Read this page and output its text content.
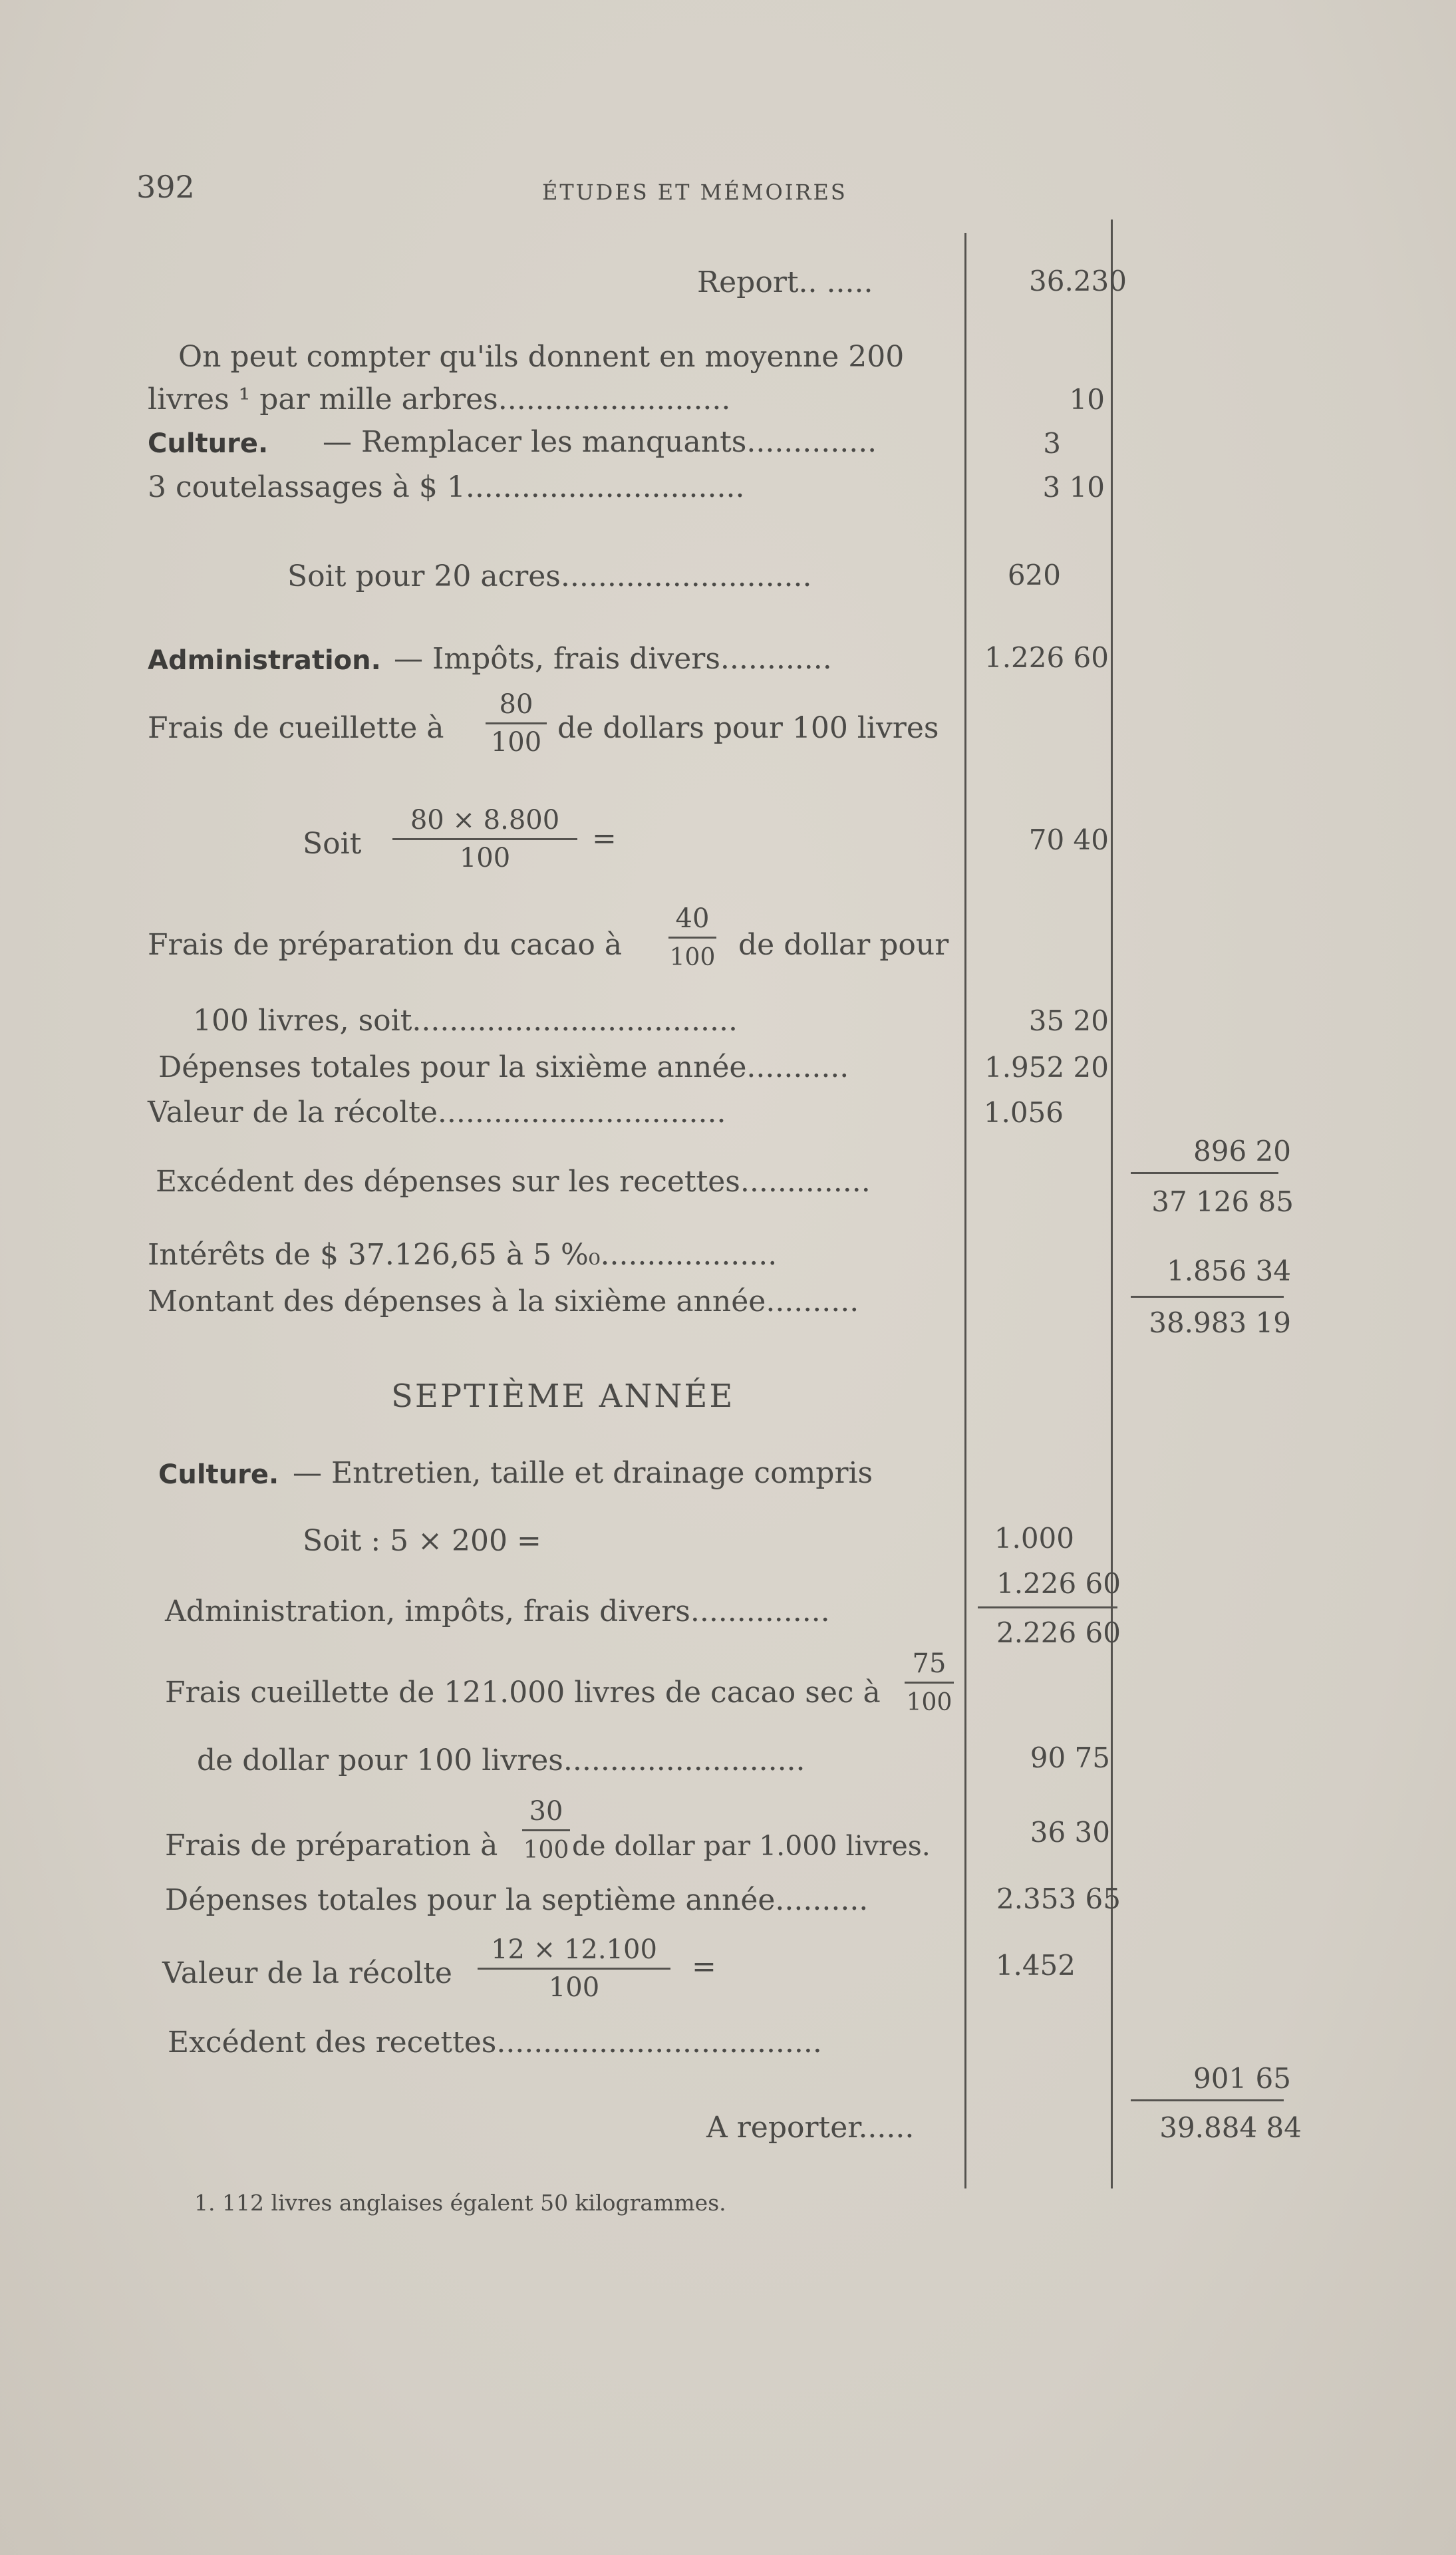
392	ÉTUDES ET MÉMOIRES
Report.. .....
On peut compter qu'ils donnent en moyenne 200
livres ¹ par mille arbres.........................
Culture. — Remplacer les manquants..............
3 coutelassages à $ 1..............................
Soit pour 20 acres...........................
Administration. — Impôts, frais divers............
Frais de cueillette à
80
100 de dollars pour 100 livres
Soit
80 × 8.800
100
=
Frais de préparation du cacao à
40
100 de dollar pour
100 livres, soit...................................
Dépenses totales pour la sixième année...........
Valeur de la récolte...............................
Excédent des dépenses sur les recettes..............
Intérêts de $ 37.126,65 à 5 %₀...................
Montant des dépenses à la sixième année..........
SEPTIÈME ANNÉE
Culture. — Entretien, taille et drainage compris
Soit : 5 × 200 =
Administration, impôts, frais divers...............
Frais cueillette de 121.000 livres de cacao sec à
75
100
de dollar pour 100 livres..........................
Frais de préparation à
30
100 de dollar par 1.000 livres.
Dépenses totales pour la septième année..........
Valeur de la récolte
12 × 12.100
100
=
Excédent des recettes...................................
A reporter......
10
3
3 10
620
1.226 60
70 40
35 20
1.952 20
1.056
1.000
1.226 60
2.226 60
90 75
36 30
2.353 65
1.452
36.230
896 20
37 126 85
1.856 34
38.983 19
901 65
39.884 84
1. 112 livres anglaises égalent 50 kilogrammes.
